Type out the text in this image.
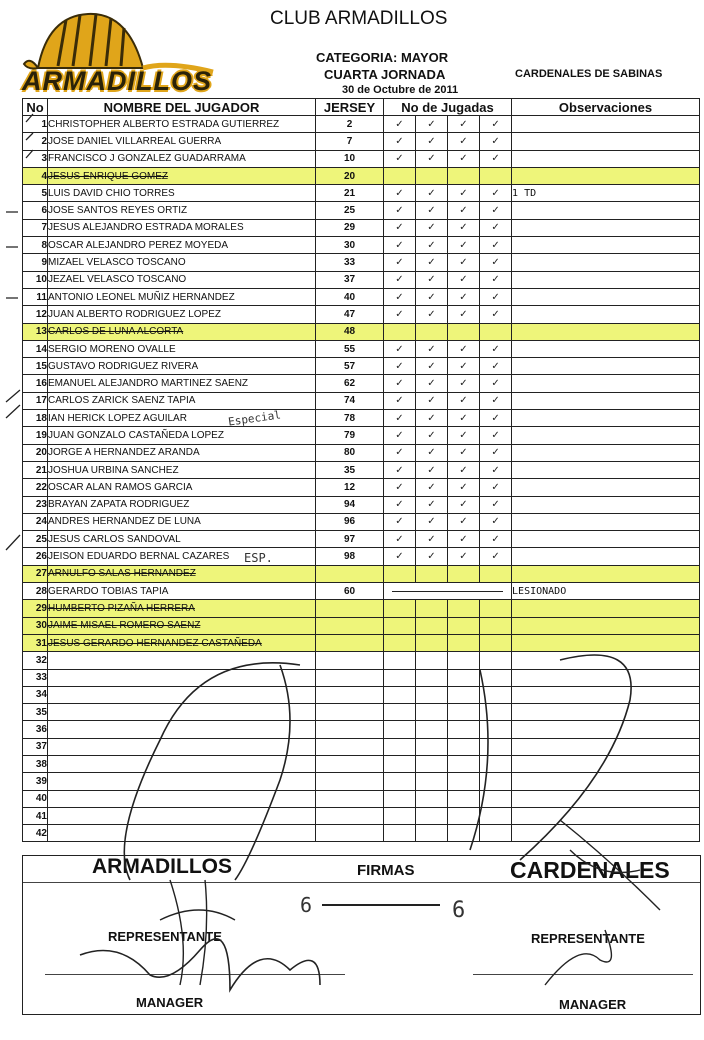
ARMADILLOS
CLUB ARMADILLOS
CATEGORIA: MAYOR
CUARTA JORNADA
30 de Octubre de 2011
CARDENALES DE SABINAS
No	NOMBRE DEL JUGADOR	JERSEY	No de Jugadas				Observaciones
1	CHRISTOPHER ALBERTO ESTRADA GUTIERREZ	2	✓	✓	✓	✓	
2	JOSE DANIEL VILLARREAL GUERRA	7	✓	✓	✓	✓	
3	FRANCISCO J GONZALEZ GUADARRAMA	10	✓	✓	✓	✓	
4	JESUS ENRIQUE GOMEZ	20					
5	LUIS DAVID CHIO TORRES	21	✓	✓	✓	✓	1 TD
6	JOSE SANTOS REYES ORTIZ	25	✓	✓	✓	✓	
7	JESUS ALEJANDRO ESTRADA MORALES	29	✓	✓	✓	✓	
8	OSCAR ALEJANDRO PEREZ MOYEDA	30	✓	✓	✓	✓	
9	MIZAEL VELASCO TOSCANO	33	✓	✓	✓	✓	
10	JEZAEL VELASCO TOSCANO	37	✓	✓	✓	✓	
11	ANTONIO LEONEL MUÑIZ HERNANDEZ	40	✓	✓	✓	✓	
12	JUAN ALBERTO RODRIGUEZ LOPEZ	47	✓	✓	✓	✓	
13	CARLOS DE LUNA ALCORTA	48					
14	SERGIO MORENO OVALLE	55	✓	✓	✓	✓	
15	GUSTAVO RODRIGUEZ RIVERA	57	✓	✓	✓	✓	
16	EMANUEL ALEJANDRO MARTINEZ SAENZ	62	✓	✓	✓	✓	
17	CARLOS ZARICK SAENZ TAPIA	74	✓	✓	✓	✓	
18	IAN HERICK LOPEZ AGUILAR	78	✓	✓	✓	✓	
19	JUAN GONZALO CASTAÑEDA LOPEZ	79	✓	✓	✓	✓	
20	JORGE A HERNANDEZ ARANDA	80	✓	✓	✓	✓	
21	JOSHUA URBINA SANCHEZ	35	✓	✓	✓	✓	
22	OSCAR ALAN RAMOS GARCIA	12	✓	✓	✓	✓	
23	BRAYAN ZAPATA RODRIGUEZ	94	✓	✓	✓	✓	
24	ANDRES HERNANDEZ DE LUNA	96	✓	✓	✓	✓	
25	JESUS CARLOS SANDOVAL	97	✓	✓	✓	✓	
26	JEISON EDUARDO BERNAL CAZARES	98	✓	✓	✓	✓	
27	ARNULFO SALAS HERNANDEZ						
28	GERARDO TOBIAS TAPIA	60					LESIONADO
29	HUMBERTO PIZAÑA HERRERA						
30	JAIME MISAEL ROMERO SAENZ						
31	JESUS GERARDO HERNANDEZ CASTAÑEDA						
32							
33							
34							
35							
36							
37							
38							
39							
40							
41							
42							
Especial
ESP.
ARMADILLOS	FIRMAS	CARDENALES
REPRESENTANTE	REPRESENTANTE
MANAGER	MANAGER
6	6
